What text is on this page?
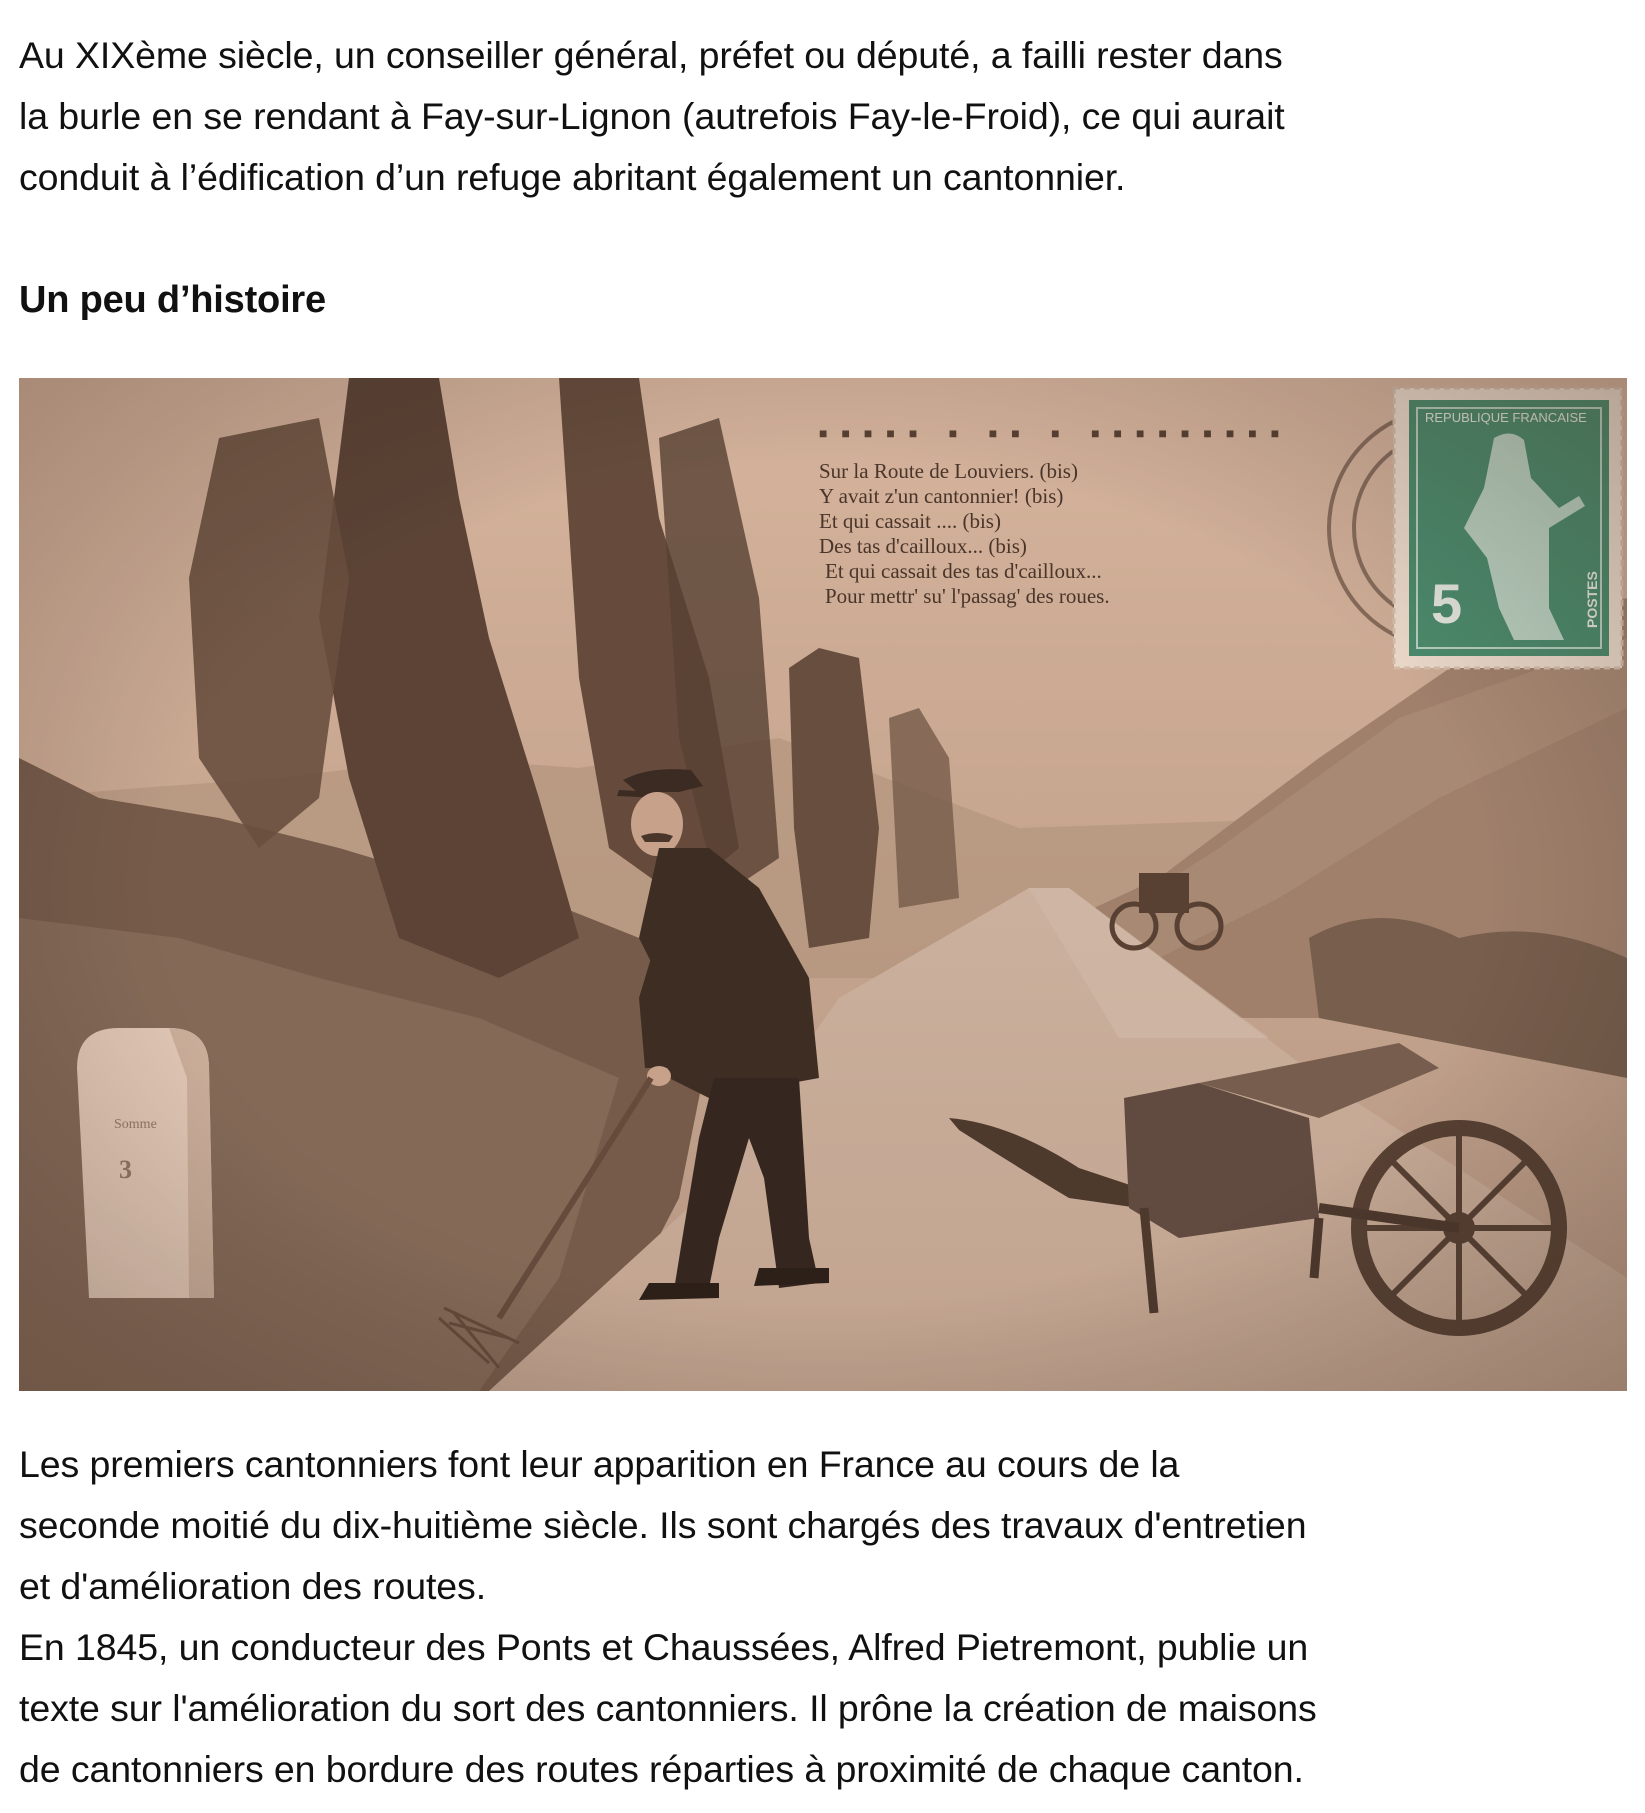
Au XIXème siècle, un conseiller général, préfet ou député, a failli rester dans
la burle en se rendant à Fay-sur-Lignon (autrefois Fay-le-Froid), ce qui aurait
conduit à l’édification d’un refuge abritant également un cantonnier.

Un peu d’histoire

Les premiers cantonniers font leur apparition en France au cours de la
seconde moitié du dix-huitième siècle. Ils sont chargés des travaux d'entretien
et d'amélioration des routes.
En 1845, un conducteur des Ponts et Chaussées, Alfred Pietremont, publie un
texte sur l'amélioration du sort des cantonniers. Il prône la création de maisons
de cantonniers en bordure des routes réparties à proximité de chaque canton.
